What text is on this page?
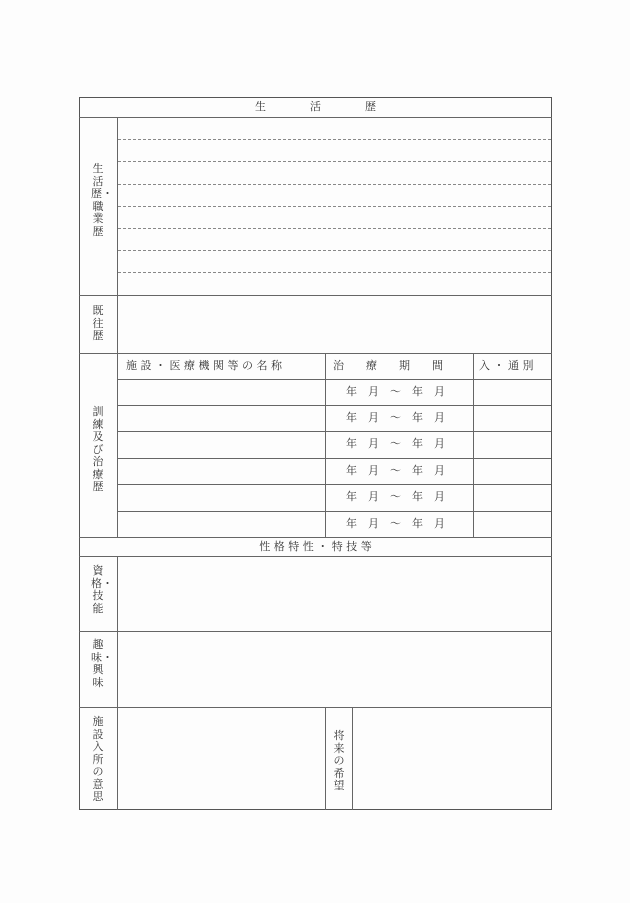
生　　　　活　　　　歴
生活歴・職業歴
既往歴
訓練及び治療歴
施 設 ・ 医 療 機 関 等 の 名 称	治　　療　　期　　間	入 ・ 通 別
年　月　～　年　月
年　月　～　年　月
年　月　～　年　月
年　月　～　年　月
年　月　～　年　月
年　月　～　年　月
性 格 特 性 ・ 特 技 等
資格・技能
趣味・興味
施設入所の意思
将来の希望
